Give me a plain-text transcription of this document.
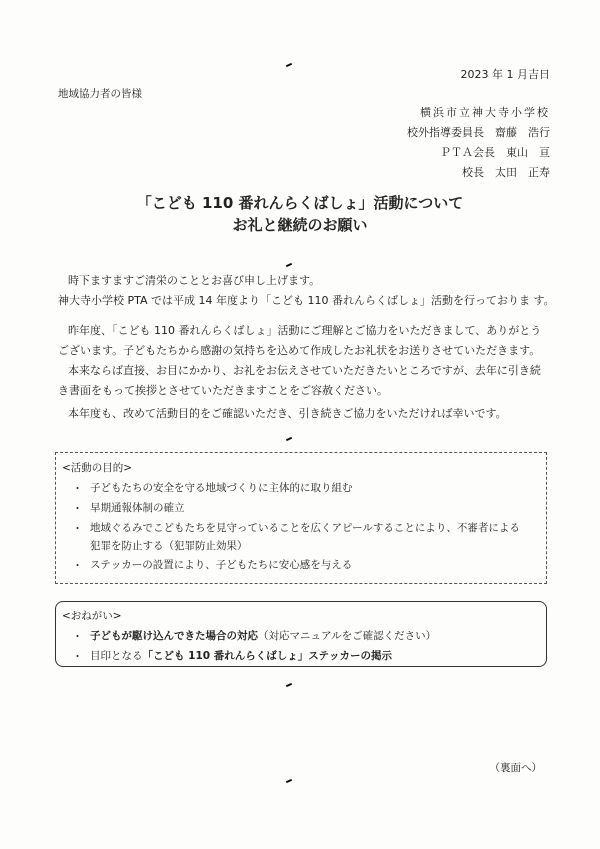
2023 年 1 月吉日
地域協力者の皆様
横浜市立神大寺小学校
校外指導委員長　齋藤　浩行
ＰＴＡ会長　東山　亘
校長　太田　正寿
「こども 110 番れんらくばしょ」活動について
お礼と継続のお願い
時下ますますご清栄のこととお喜び申し上げます。
神大寺小学校 PTA では平成 14 年度より「こども 110 番れんらくばしょ」活動を行っておりま す。
昨年度、「こども 110 番れんらくばしょ」活動にご理解とご協力をいただきまして、ありがとう
ございます。子どもたちから感謝の気持ちを込めて作成したお礼状をお送りさせていただきます。
本来ならば直接、お目にかかり、お礼をお伝えさせていただきたいところですが、去年に引き続
き書面をもって挨拶とさせていただきますことをご容赦ください。
本年度も、改めて活動目的をご確認いただき、引き続きご協力をいただければ幸いです。
<活動の目的>
・ 子どもたちの安全を守る地域づくりに主体的に取り組む
・ 早期通報体制の確立
・ 地域ぐるみでこどもたちを見守っていることを広くアピールすることにより、不審者による
犯罪を防止する（犯罪防止効果）
・ ステッカーの設置により、子どもたちに安心感を与える
<おねがい>
・ 子どもが駆け込んできた場合の対応（対応マニュアルをご確認ください）
・ 目印となる「こども 110 番れんらくばしょ」ステッカーの掲示
（裏面へ）
